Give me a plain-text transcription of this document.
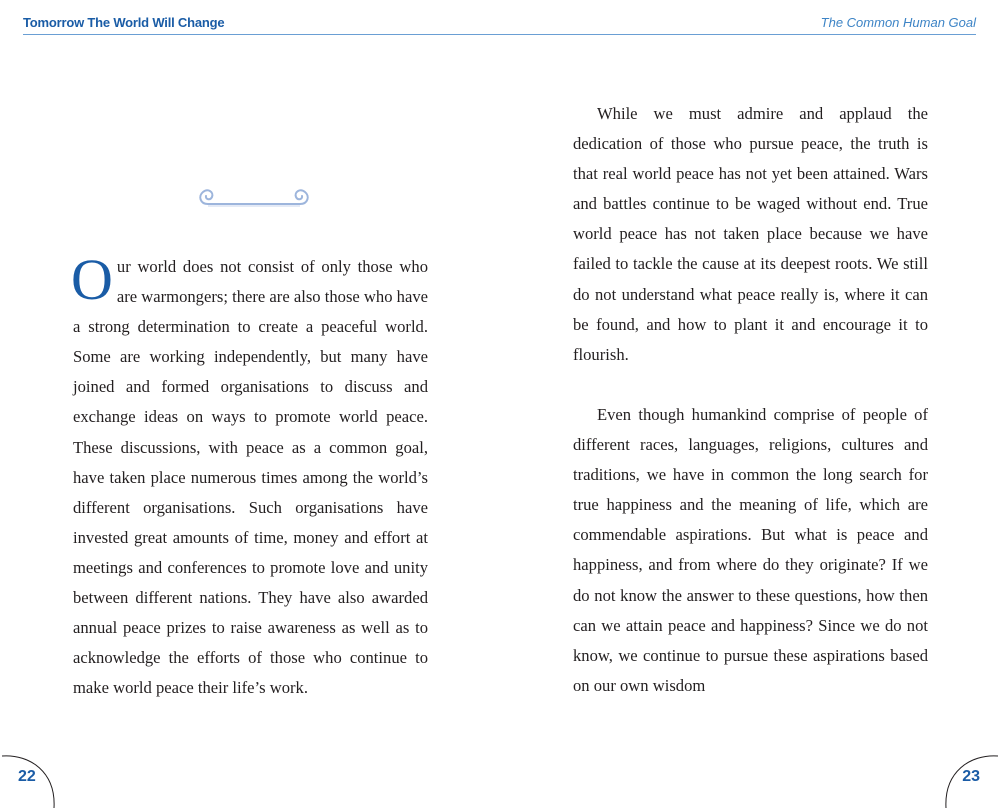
Tomorrow The World Will Change	The Common Human Goal

Our world does not consist of only those who are warmongers; there are also those who have a strong determination to create a peaceful world. Some are working independently, but many have joined and formed organisations to discuss and exchange ideas on ways to promote world peace. These discussions, with peace as a common goal, have taken place numerous times among the world’s different organisations. Such organisations have invested great amounts of time, money and effort at meetings and conferences to promote love and unity between different nations. They have also awarded annual peace prizes to raise awareness as well as to acknowledge the efforts of those who continue to make world peace their life’s work.

While we must admire and applaud the dedication of those who pursue peace, the truth is that real world peace has not yet been attained. Wars and battles continue to be waged without end. True world peace has not taken place because we have failed to tackle the cause at its deepest roots. We still do not understand what peace really is, where it can be found, and how to plant it and encourage it to flourish.

Even though humankind comprise of people of different races, languages, religions, cultures and traditions, we have in common the long search for true happiness and the meaning of life, which are commendable aspirations. But what is peace and happiness, and from where do they originate? If we do not know the answer to these questions, how then can we attain peace and happiness? Since we do not know, we continue to pursue these aspirations based on our own wisdom

22	23
